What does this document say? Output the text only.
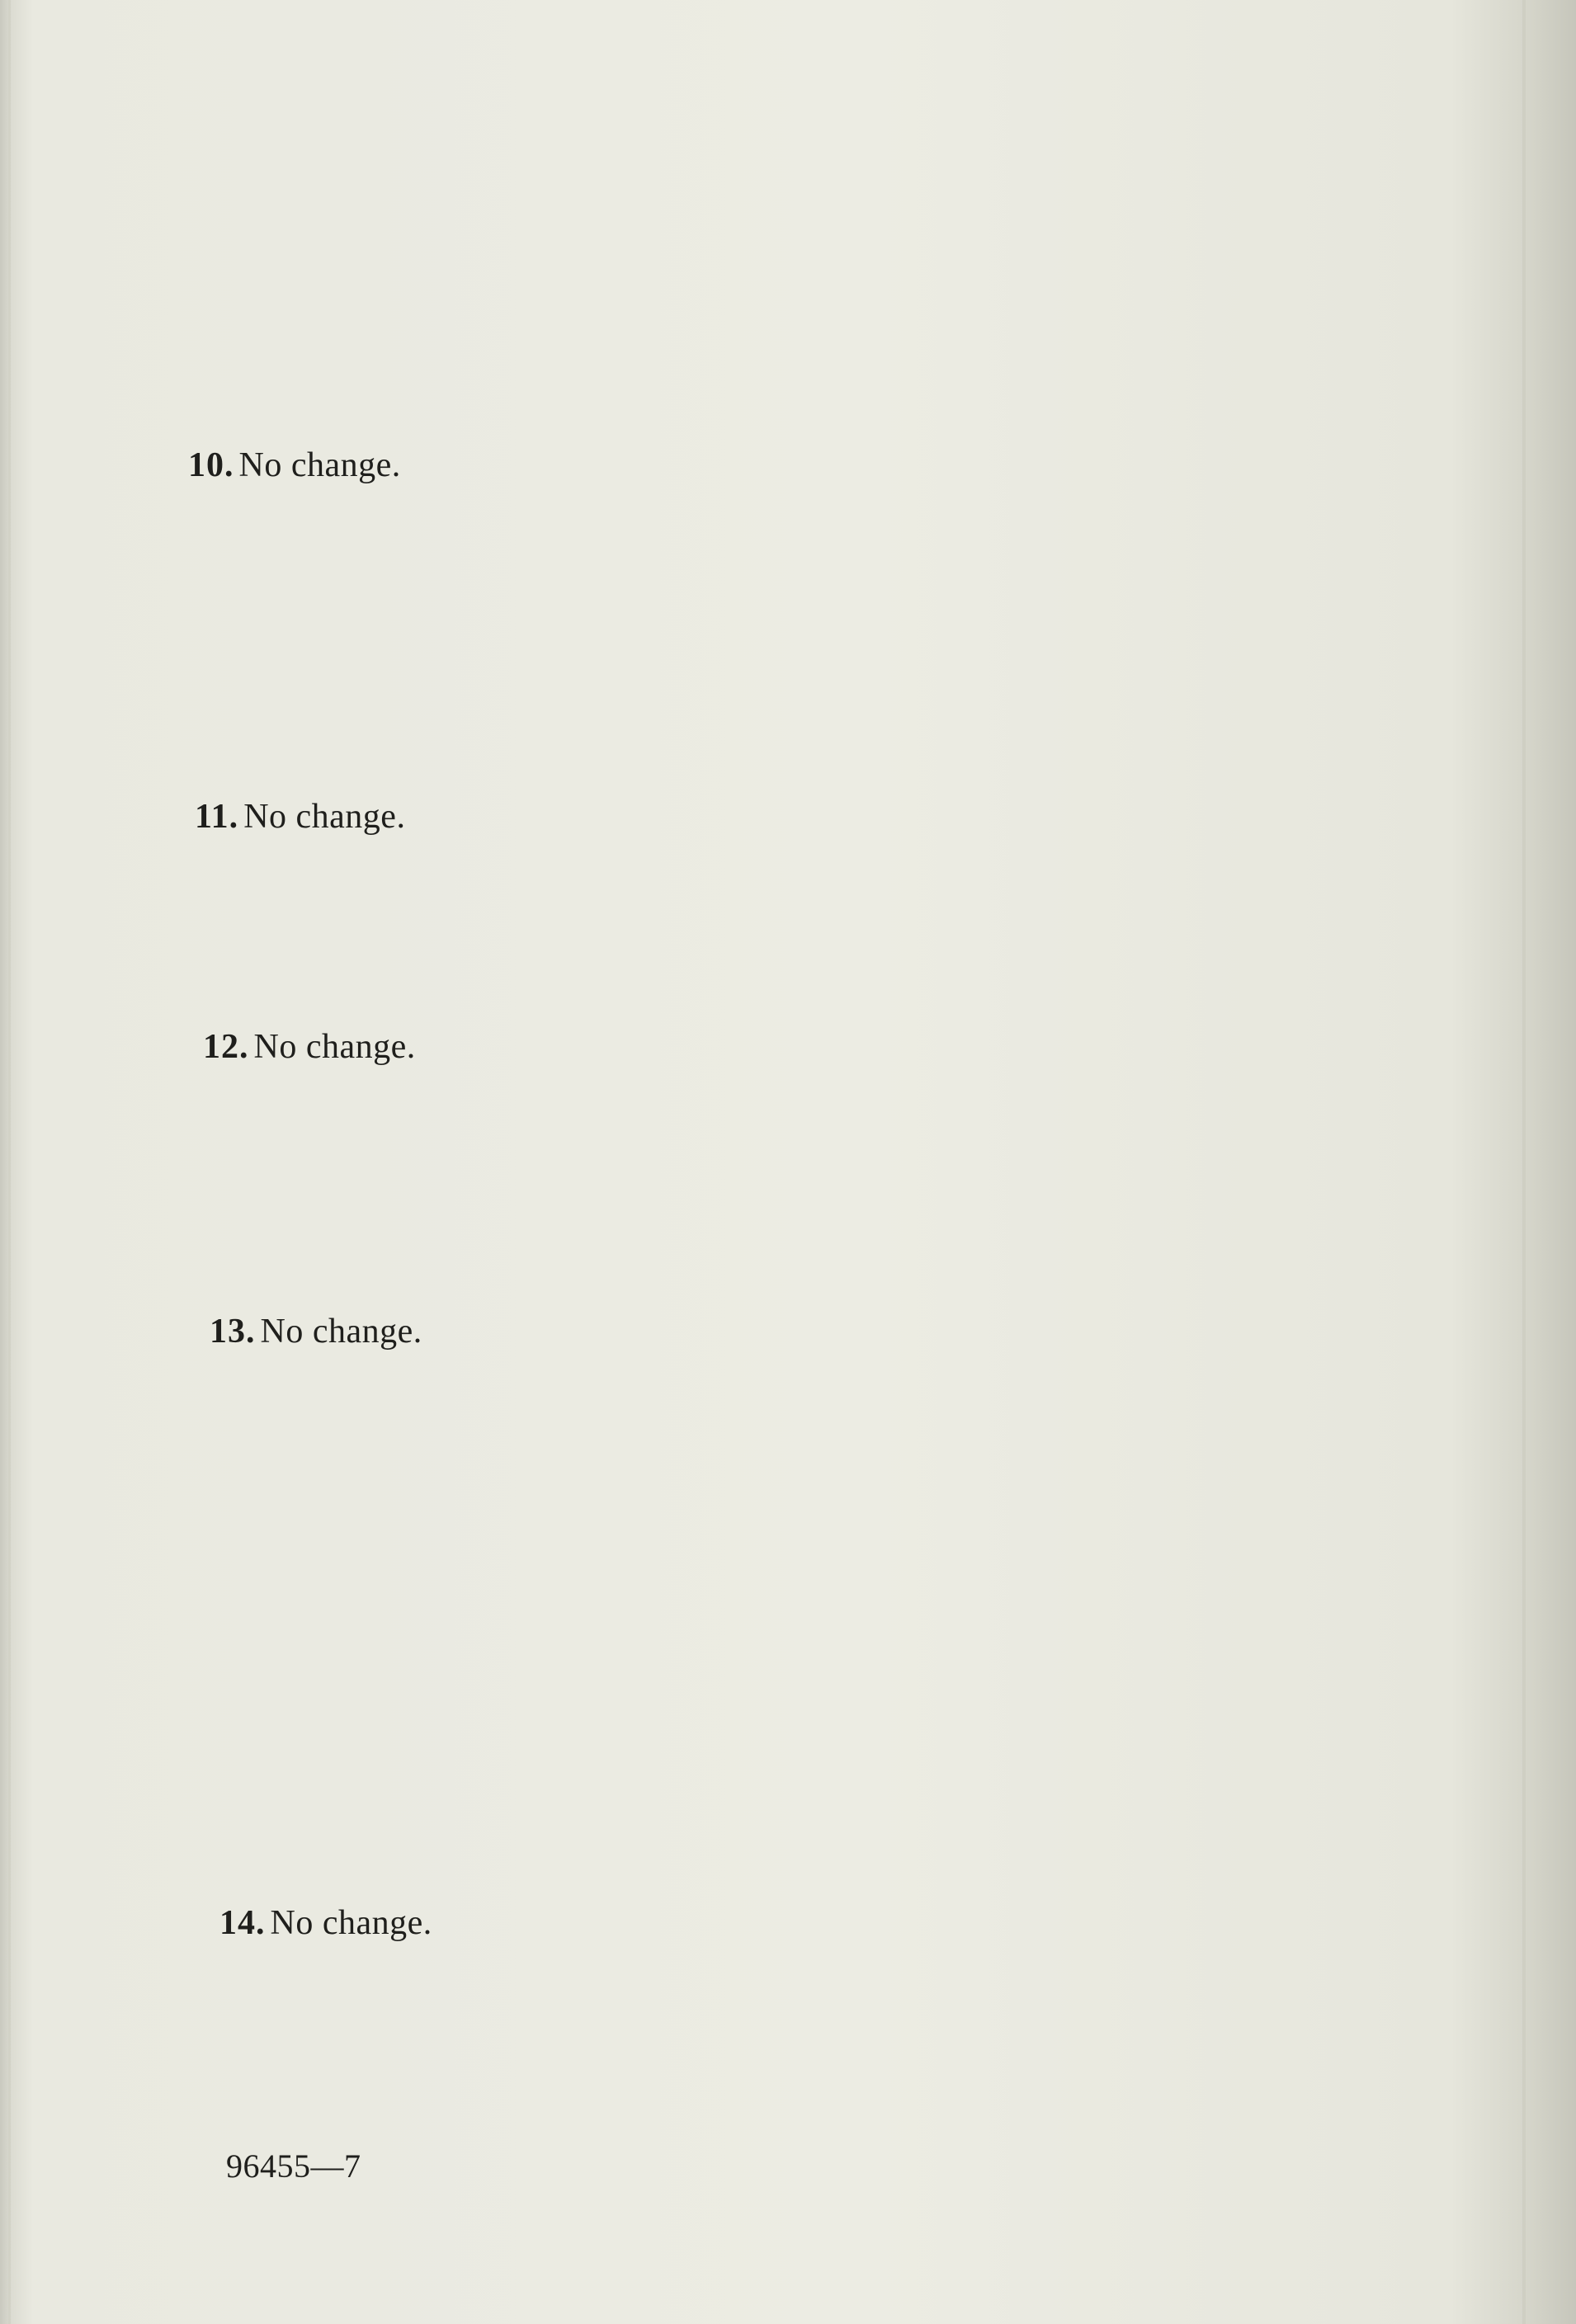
10. No change.
11. No change.
12. No change.
13. No change.
14. No change.
96455—7
